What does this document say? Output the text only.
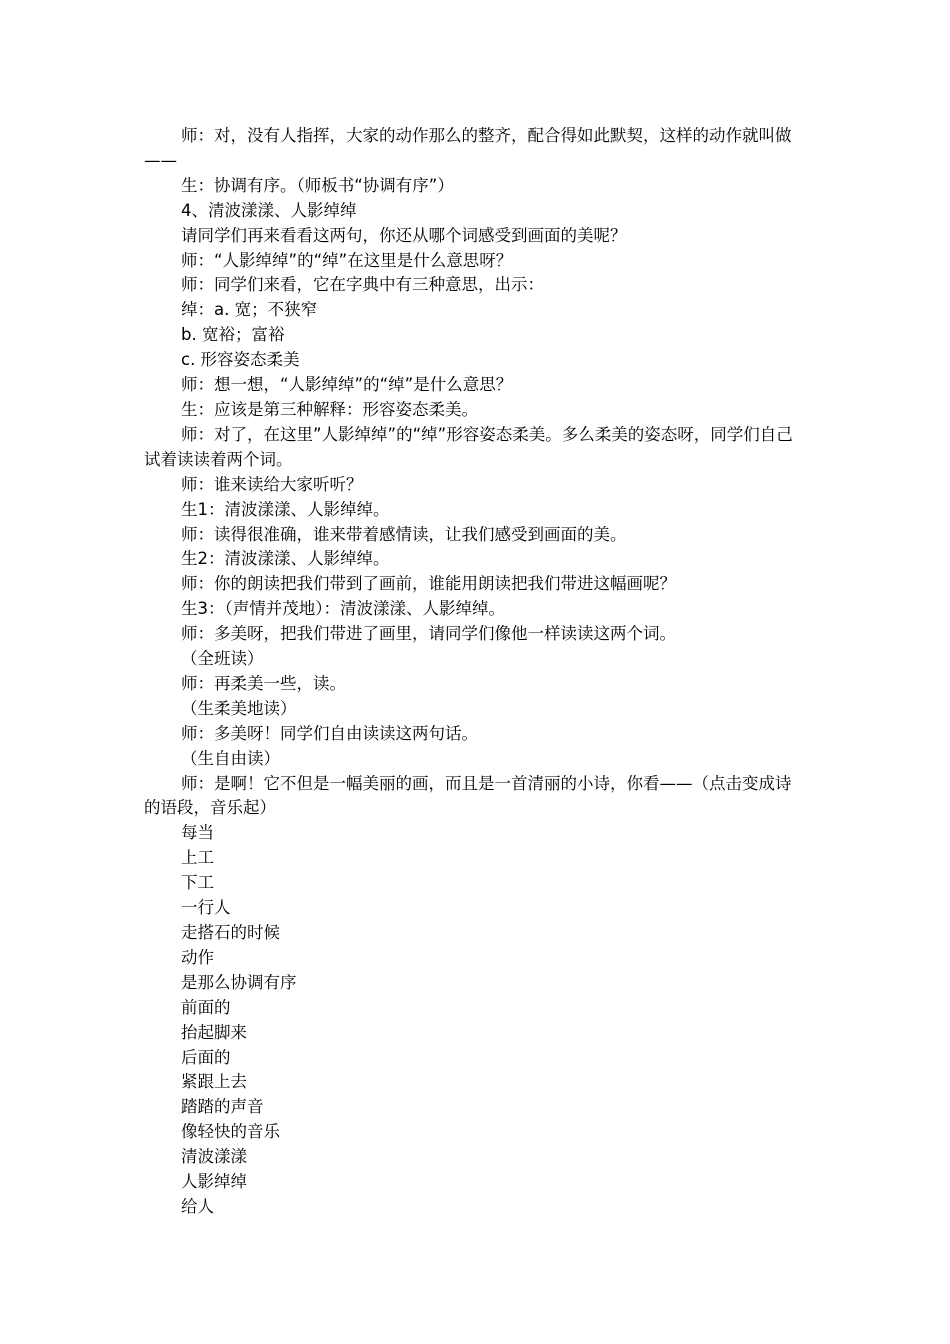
师：对，没有人指挥，大家的动作那么的整齐，配合得如此默契，这样的动作就叫做——

生：协调有序。（师板书“协调有序”）

4、清波漾漾、人影绰绰

请同学们再来看看这两句，你还从哪个词感受到画面的美呢？

师：“人影绰绰”的“绰”在这里是什么意思呀？

师：同学们来看，它在字典中有三种意思，出示：

绰：a. 宽；不狭窄

b. 宽裕；富裕

c. 形容姿态柔美

师：想一想，“人影绰绰”的“绰”是什么意思？

生：应该是第三种解释：形容姿态柔美。

师：对了，在这里”人影绰绰”的“绰”形容姿态柔美。多么柔美的姿态呀，同学们自己试着读读着两个词。

师：谁来读给大家听听？

生1：清波漾漾、人影绰绰。

师：读得很准确，谁来带着感情读，让我们感受到画面的美。

生2：清波漾漾、人影绰绰。

师：你的朗读把我们带到了画前，谁能用朗读把我们带进这幅画呢？

生3：（声情并茂地）：清波漾漾、人影绰绰。

师：多美呀，把我们带进了画里，请同学们像他一样读读这两个词。

（全班读）

师：再柔美一些，读。

（生柔美地读）

师：多美呀！同学们自由读读这两句话。

（生自由读）

师：是啊！它不但是一幅美丽的画，而且是一首清丽的小诗，你看——（点击变成诗的语段，音乐起）

每当

上工

下工

一行人

走搭石的时候

动作

是那么协调有序

前面的

抬起脚来

后面的

紧跟上去

踏踏的声音

像轻快的音乐

清波漾漾

人影绰绰

给人
